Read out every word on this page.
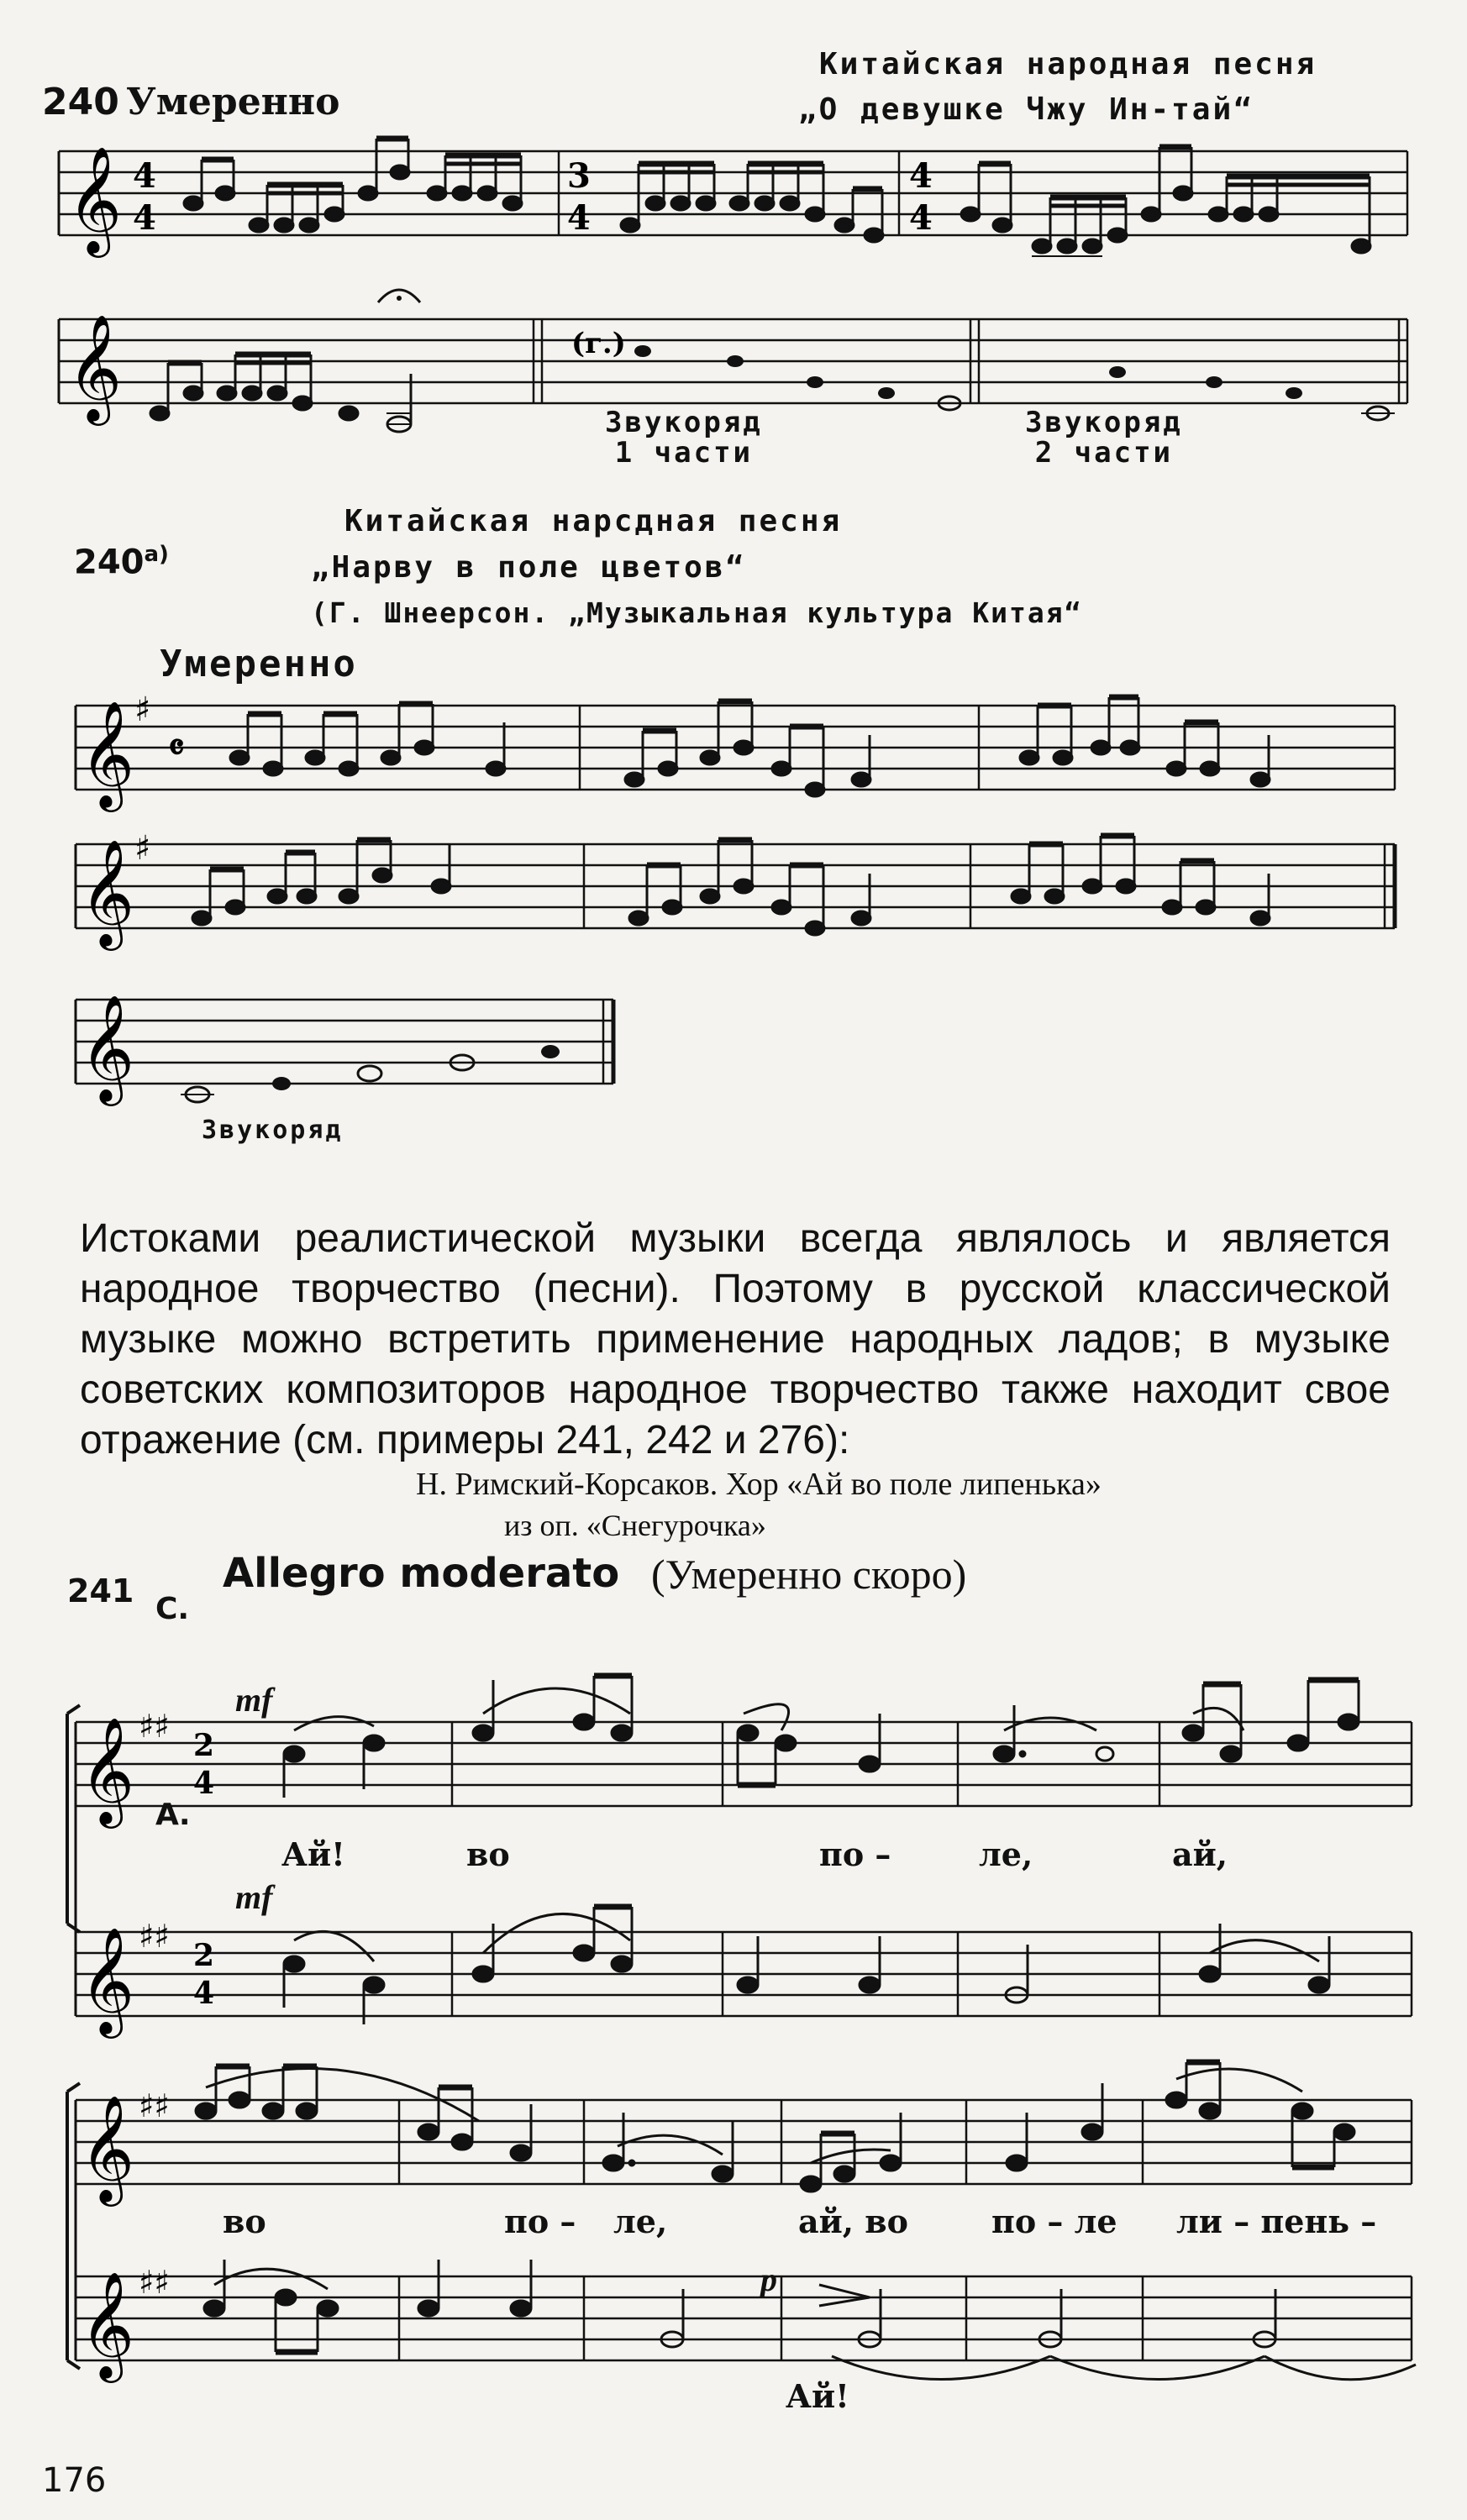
Китайская народная песня
„О девушке Чжу Ин-тай“
240 Умеренно
𝄞 4
4
3
4
4
4
𝄞	(г.)
Звукоряд
1 части
Звукоряд
2 части
$240^{а)}$
Китайская нарсдная песня
„Нарву в поле цветов“
(Г. Шнеерсон. „Музыкальная культура Китая“
Умеренно
𝄞 ♯
𝄴
𝄞 ♯
𝄞
Звукоряд
Истоками реалистической музыки всегда являлось и является народное творчество (песни). Поэтому в русской классической музыке можно встретить применение народных ладов; в музыке советских композиторов народное творчество также находит свое отражение (см. примеры 241, 242 и 276):
Н. Римский-Корсаков. Хор «Ай во поле липенька»
из оп. «Снегурочка»
241 Allegro moderato (Умеренно скоро)
С.
А.
mf
mf
𝄞
𝄞
♯♯
♯♯
2
4
2
4
Ай!	во	по –	ле,	ай,
𝄞
𝄞
♯♯
♯♯	p
во	по – ле,	ай, во	по – ле ли – пень –
Ай!
176
